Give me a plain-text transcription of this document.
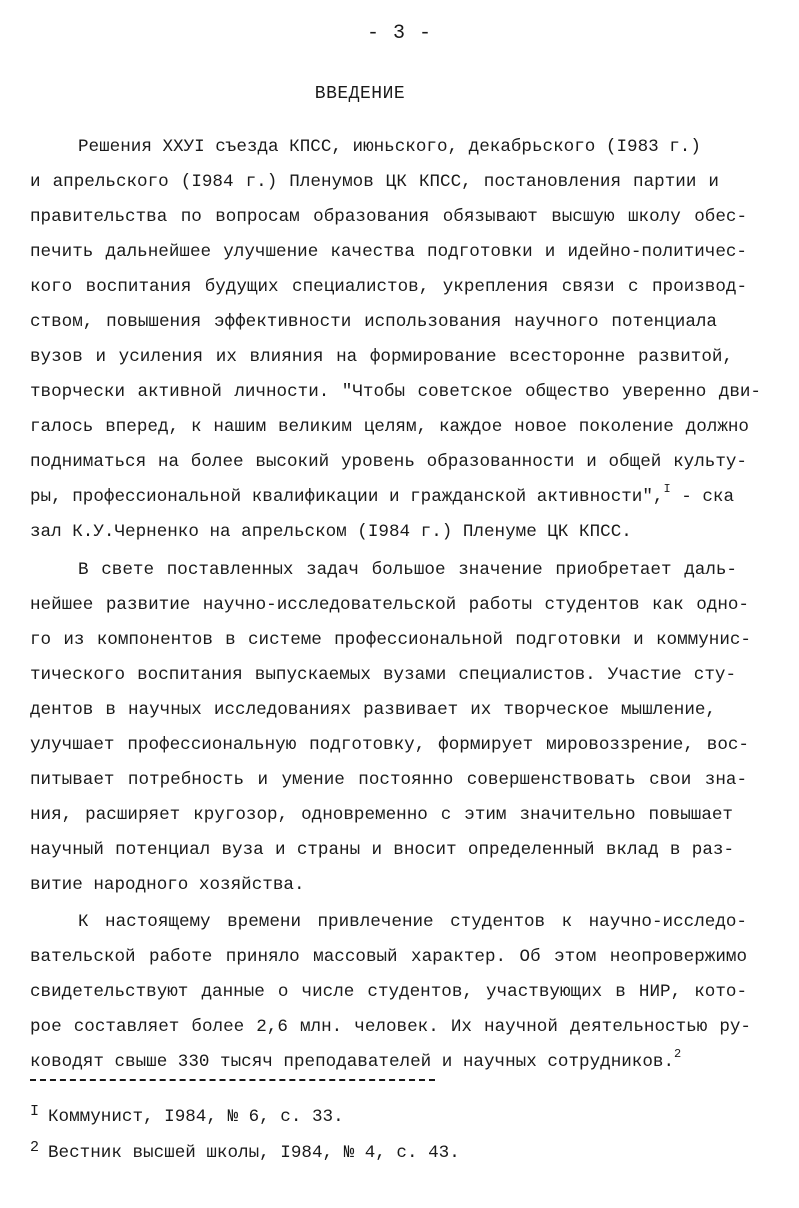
- 3 -
ВВЕДЕНИЕ
Решения XXУI съезда КПСС, июньского, декабрьского (I983 г.)
и апрельского (I984 г.) Пленумов ЦК КПСС, постановления партии и
правительства по вопросам образования обязывают высшую школу обес-
печить дальнейшее улучшение качества подготовки и идейно-политичес-
кого воспитания будущих специалистов, укрепления связи с производ-
ством, повышения эффективности использования научного потенциала
вузов и усиления их влияния на формирование всесторонне развитой,
творчески активной личности. "Чтобы советское общество уверенно дви-
галось вперед, к нашим великим целям, каждое новое поколение должно
подниматься на более высокий уровень образованности и общей культу-
ры, профессиональной квалификации и гражданской активности",$^I$ - ска
зал К.У.Черненко на апрельском (I984 г.) Пленуме ЦК КПСС.
В свете поставленных задач большое значение приобретает даль-
нейшее развитие научно-исследовательской работы студентов как одно-
го из компонентов в системе профессиональной подготовки и коммунис-
тического воспитания выпускаемых вузами специалистов. Участие сту-
дентов в научных исследованиях развивает их творческое мышление,
улучшает профессиональную подготовку, формирует мировоззрение, вос-
питывает потребность и умение постоянно совершенствовать свои зна-
ния, расширяет кругозор, одновременно с этим значительно повышает
научный потенциал вуза и страны и вносит определенный вклад в раз-
витие народного хозяйства.
К настоящему времени привлечение студентов к научно-исследо-
вательской работе приняло массовый характер. Об этом неопровержимо
свидетельствуют данные о числе студентов, участвующих в НИР, кото-
рое составляет более 2,6 млн. человек. Их научной деятельностью ру-
ководят свыше 330 тысяч преподавателей и научных сотрудников.$^2$
I Коммунист, I984, № 6, с. 33.
2 Вестник высшей школы, I984, № 4, с. 43.
